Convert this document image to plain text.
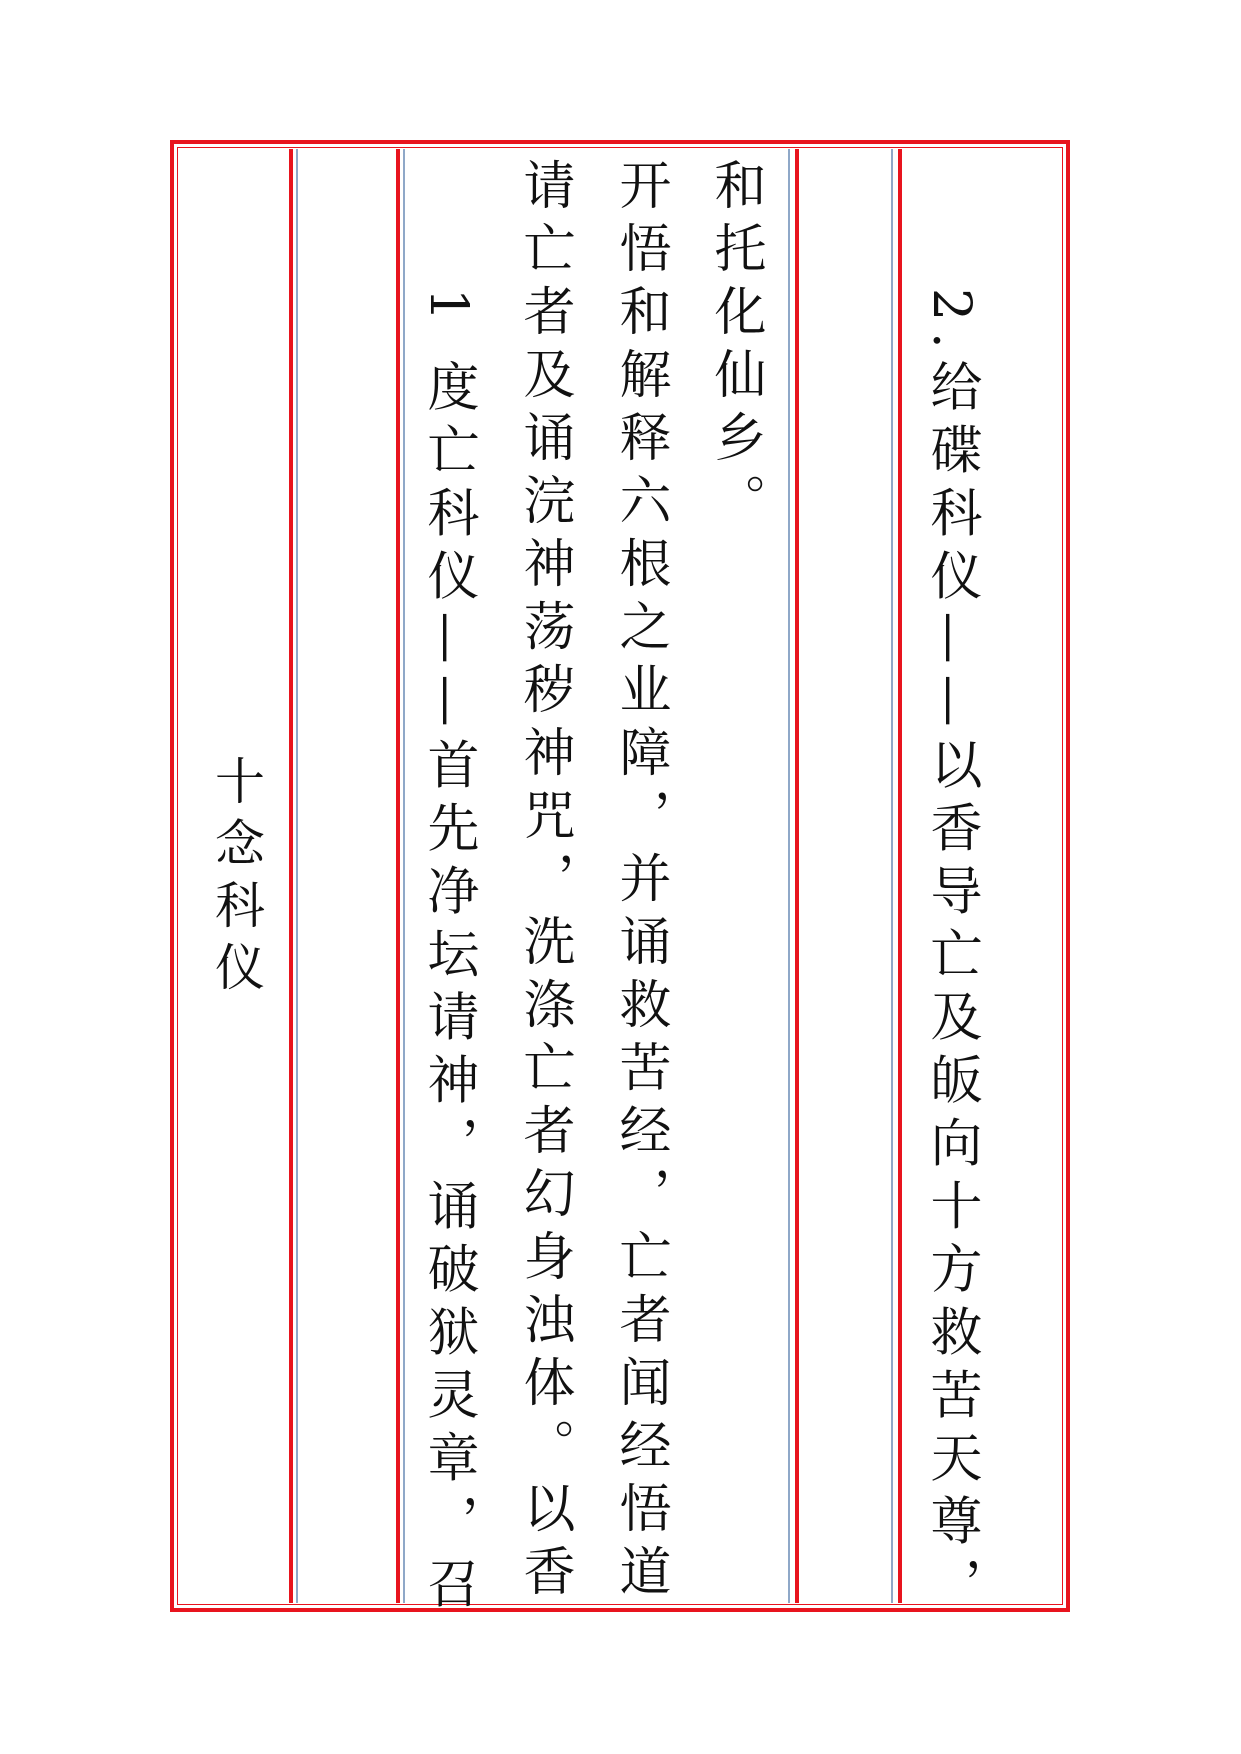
2.给碟科仪——以香导亡及皈向十方救苦天尊，
和托化仙乡。
开悟和解释六根之业障，并诵救苦经，亡者闻经悟道
请亡者及诵浣神荡秽神咒，洗涤亡者幻身浊体。以香
1 度亡科仪——首先净坛请神，诵破狱灵章，召
十念科仪
